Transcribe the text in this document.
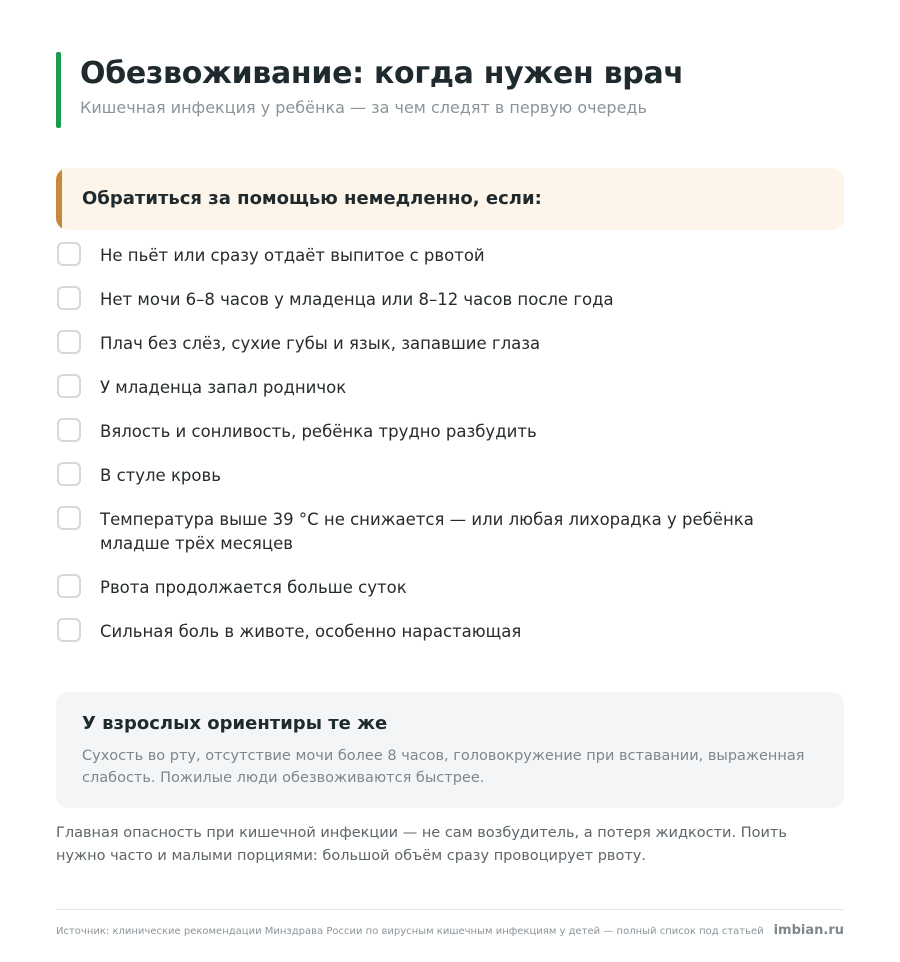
Обезвоживание: когда нужен врач
Кишечная инфекция у ребёнка — за чем следят в первую очередь
Обратиться за помощью немедленно, если:
Не пьёт или сразу отдаёт выпитое с рвотой
Нет мочи 6–8 часов у младенца или 8–12 часов после года
Плач без слёз, сухие губы и язык, запавшие глаза
У младенца запал родничок
Вялость и сонливость, ребёнка трудно разбудить
В стуле кровь
Температура выше 39 °C не снижается — или любая лихорадка у ребёнка младше трёх месяцев
Рвота продолжается больше суток
Сильная боль в животе, особенно нарастающая
У взрослых ориентиры те же

Сухость во рту, отсутствие мочи более 8 часов, головокружение при вставании, выраженная слабость. Пожилые люди обезвоживаются быстрее.

Главная опасность при кишечной инфекции — не сам возбудитель, а потеря жидкости. Поить нужно часто и малыми порциями: большой объём сразу провоцирует рвоту.

Источник: клинические рекомендации Минздрава России по вирусным кишечным инфекциям у детей — полный список под статьей imbian.ru
